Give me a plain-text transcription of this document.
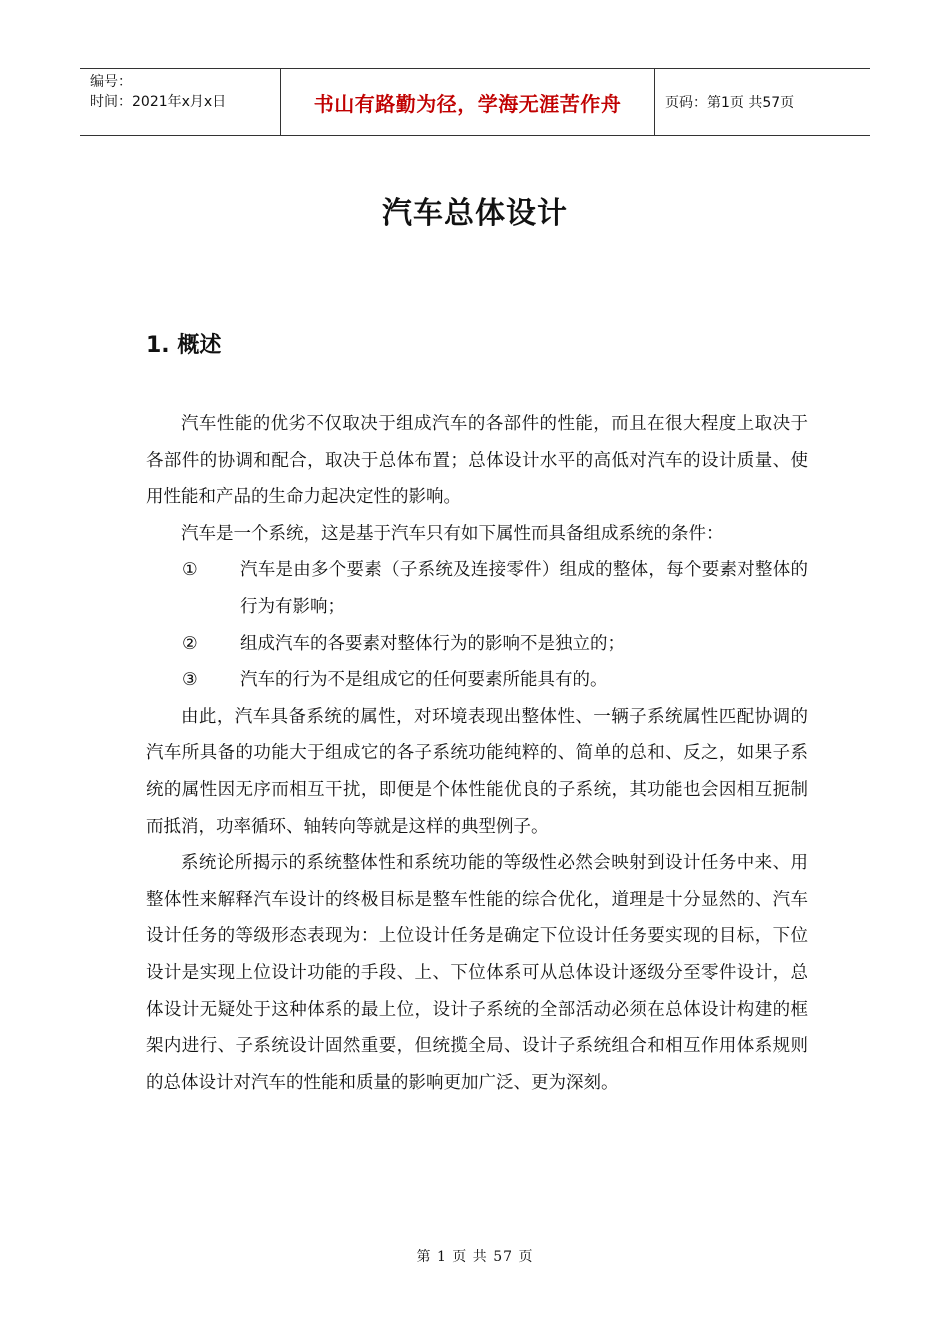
编号：
时间：2021年x月x日	书山有路勤为径，学海无涯苦作舟	页码：第1页 共57页
汽车总体设计
1. 概述

汽车性能的优劣不仅取决于组成汽车的各部件的性能，而且在很大程度上取决于各部件的协调和配合，取决于总体布置；总体设计水平的高低对汽车的设计质量、使用性能和产品的生命力起决定性的影响。

汽车是一个系统，这是基于汽车只有如下属性而具备组成系统的条件：

①	汽车是由多个要素（子系统及连接零件）组成的整体，每个要素对整体的行为有影响；
②	组成汽车的各要素对整体行为的影响不是独立的；
③	汽车的行为不是组成它的任何要素所能具有的。

由此，汽车具备系统的属性，对环境表现出整体性、一辆子系统属性匹配协调的汽车所具备的功能大于组成它的各子系统功能纯粹的、简单的总和、反之，如果子系统的属性因无序而相互干扰，即便是个体性能优良的子系统，其功能也会因相互扼制而抵消，功率循环、轴转向等就是这样的典型例子。

系统论所揭示的系统整体性和系统功能的等级性必然会映射到设计任务中来、用整体性来解释汽车设计的终极目标是整车性能的综合优化，道理是十分显然的、汽车设计任务的等级形态表现为：上位设计任务是确定下位设计任务要实现的目标，下位设计是实现上位设计功能的手段、上、下位体系可从总体设计逐级分至零件设计，总体设计无疑处于这种体系的最上位，设计子系统的全部活动必须在总体设计构建的框架内进行、子系统设计固然重要，但统揽全局、设计子系统组合和相互作用体系规则的总体设计对汽车的性能和质量的影响更加广泛、更为深刻。

第 1 页 共 57 页
